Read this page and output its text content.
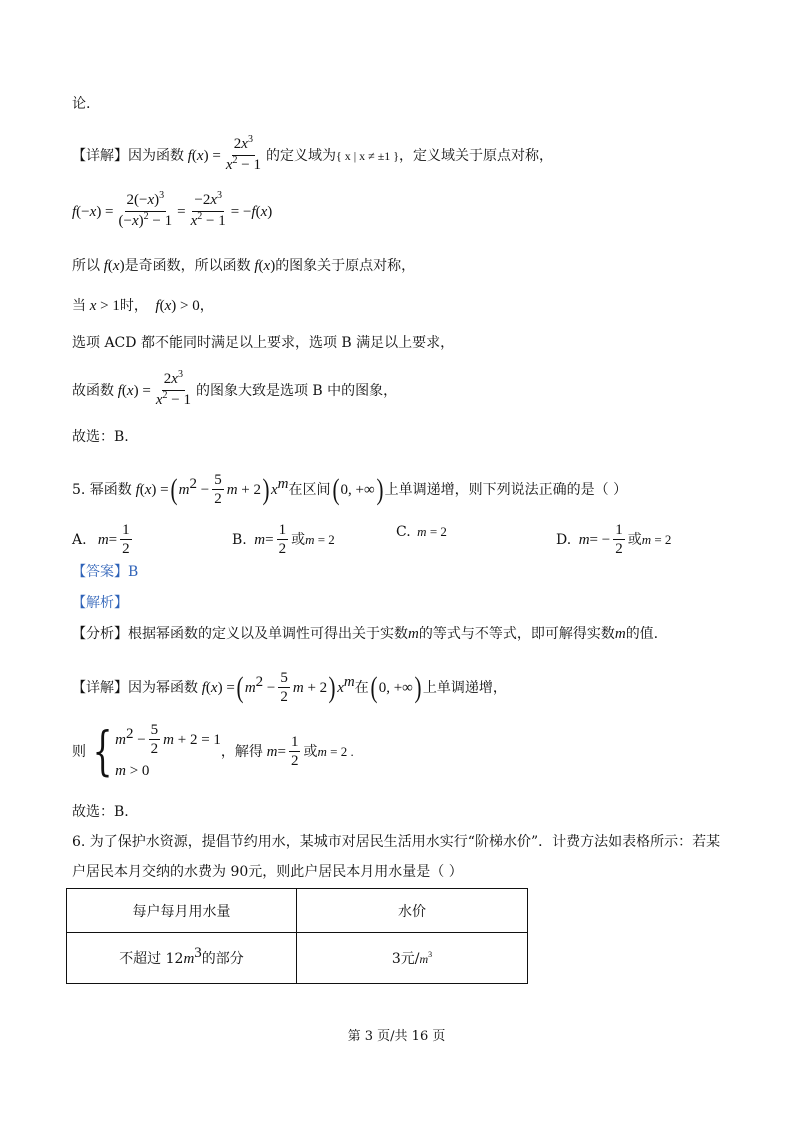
论.
【详解】因为函数 f ( x ) = $\frac{2x^3}{x^2 - 1}$ 的定义域为 { x | x ≠ ±1 } ，定义域关于原点对称，
f (− x ) = $\frac{2(-x)^3}{(-x)^2 - 1} = \frac{-2x^3}{x^2 - 1}$ = − f ( x )
所以 f ( x ) 是奇函数，所以函数 f ( x ) 的图象关于原点对称，
当 x > 1 时， f ( x ) > 0 ，
选项 ACD 都不能同时满足以上要求，选项 B 满足以上要求，
故函数 f ( x ) = $\frac{2x^3}{x^2 - 1}$ 的图象大致是选项 B 中的图象，
故选：B.
5. 幂函数 f ( x ) = ( $m^2 - \frac{5}{2}$ m + 2 ) $x^m$ 在区间 ( 0, +∞ ) 上单调递增，则下列说法正确的是（ ）
A. $m = \frac{1}{2}$	B. $m = \frac{1}{2}$ 或 m = 2	C. m = 2	D. m = − $\frac{1}{2}$ 或 m = 2
【答案】B
【解析】
【分析】根据幂函数的定义以及单调性可得出关于实数 m 的等式与不等式，即可解得实数 m 的值.
【详解】因为幂函数 f ( x ) = ( $m^2 - \frac{5}{2}$ m + 2 ) $x^m$ 在 ( 0, +∞ ) 上单调递增，
则 { $m^2 - \frac{5}{2}$ m + 2 = 1
m > 0
，解得 $m = \frac{1}{2}$ 或 m = 2 .
故选：B.
6. 为了保护水资源，提倡节约用水，某城市对居民生活用水实行“阶梯水价”．计费方法如表格所示：若某
户居民本月交纳的水费为 90元，则此户居民本月用水量是（ ）
每户每月用水量	水价
不超过 $12m^3$的部分	3元$/m^3$
第 3 页/共 16 页
